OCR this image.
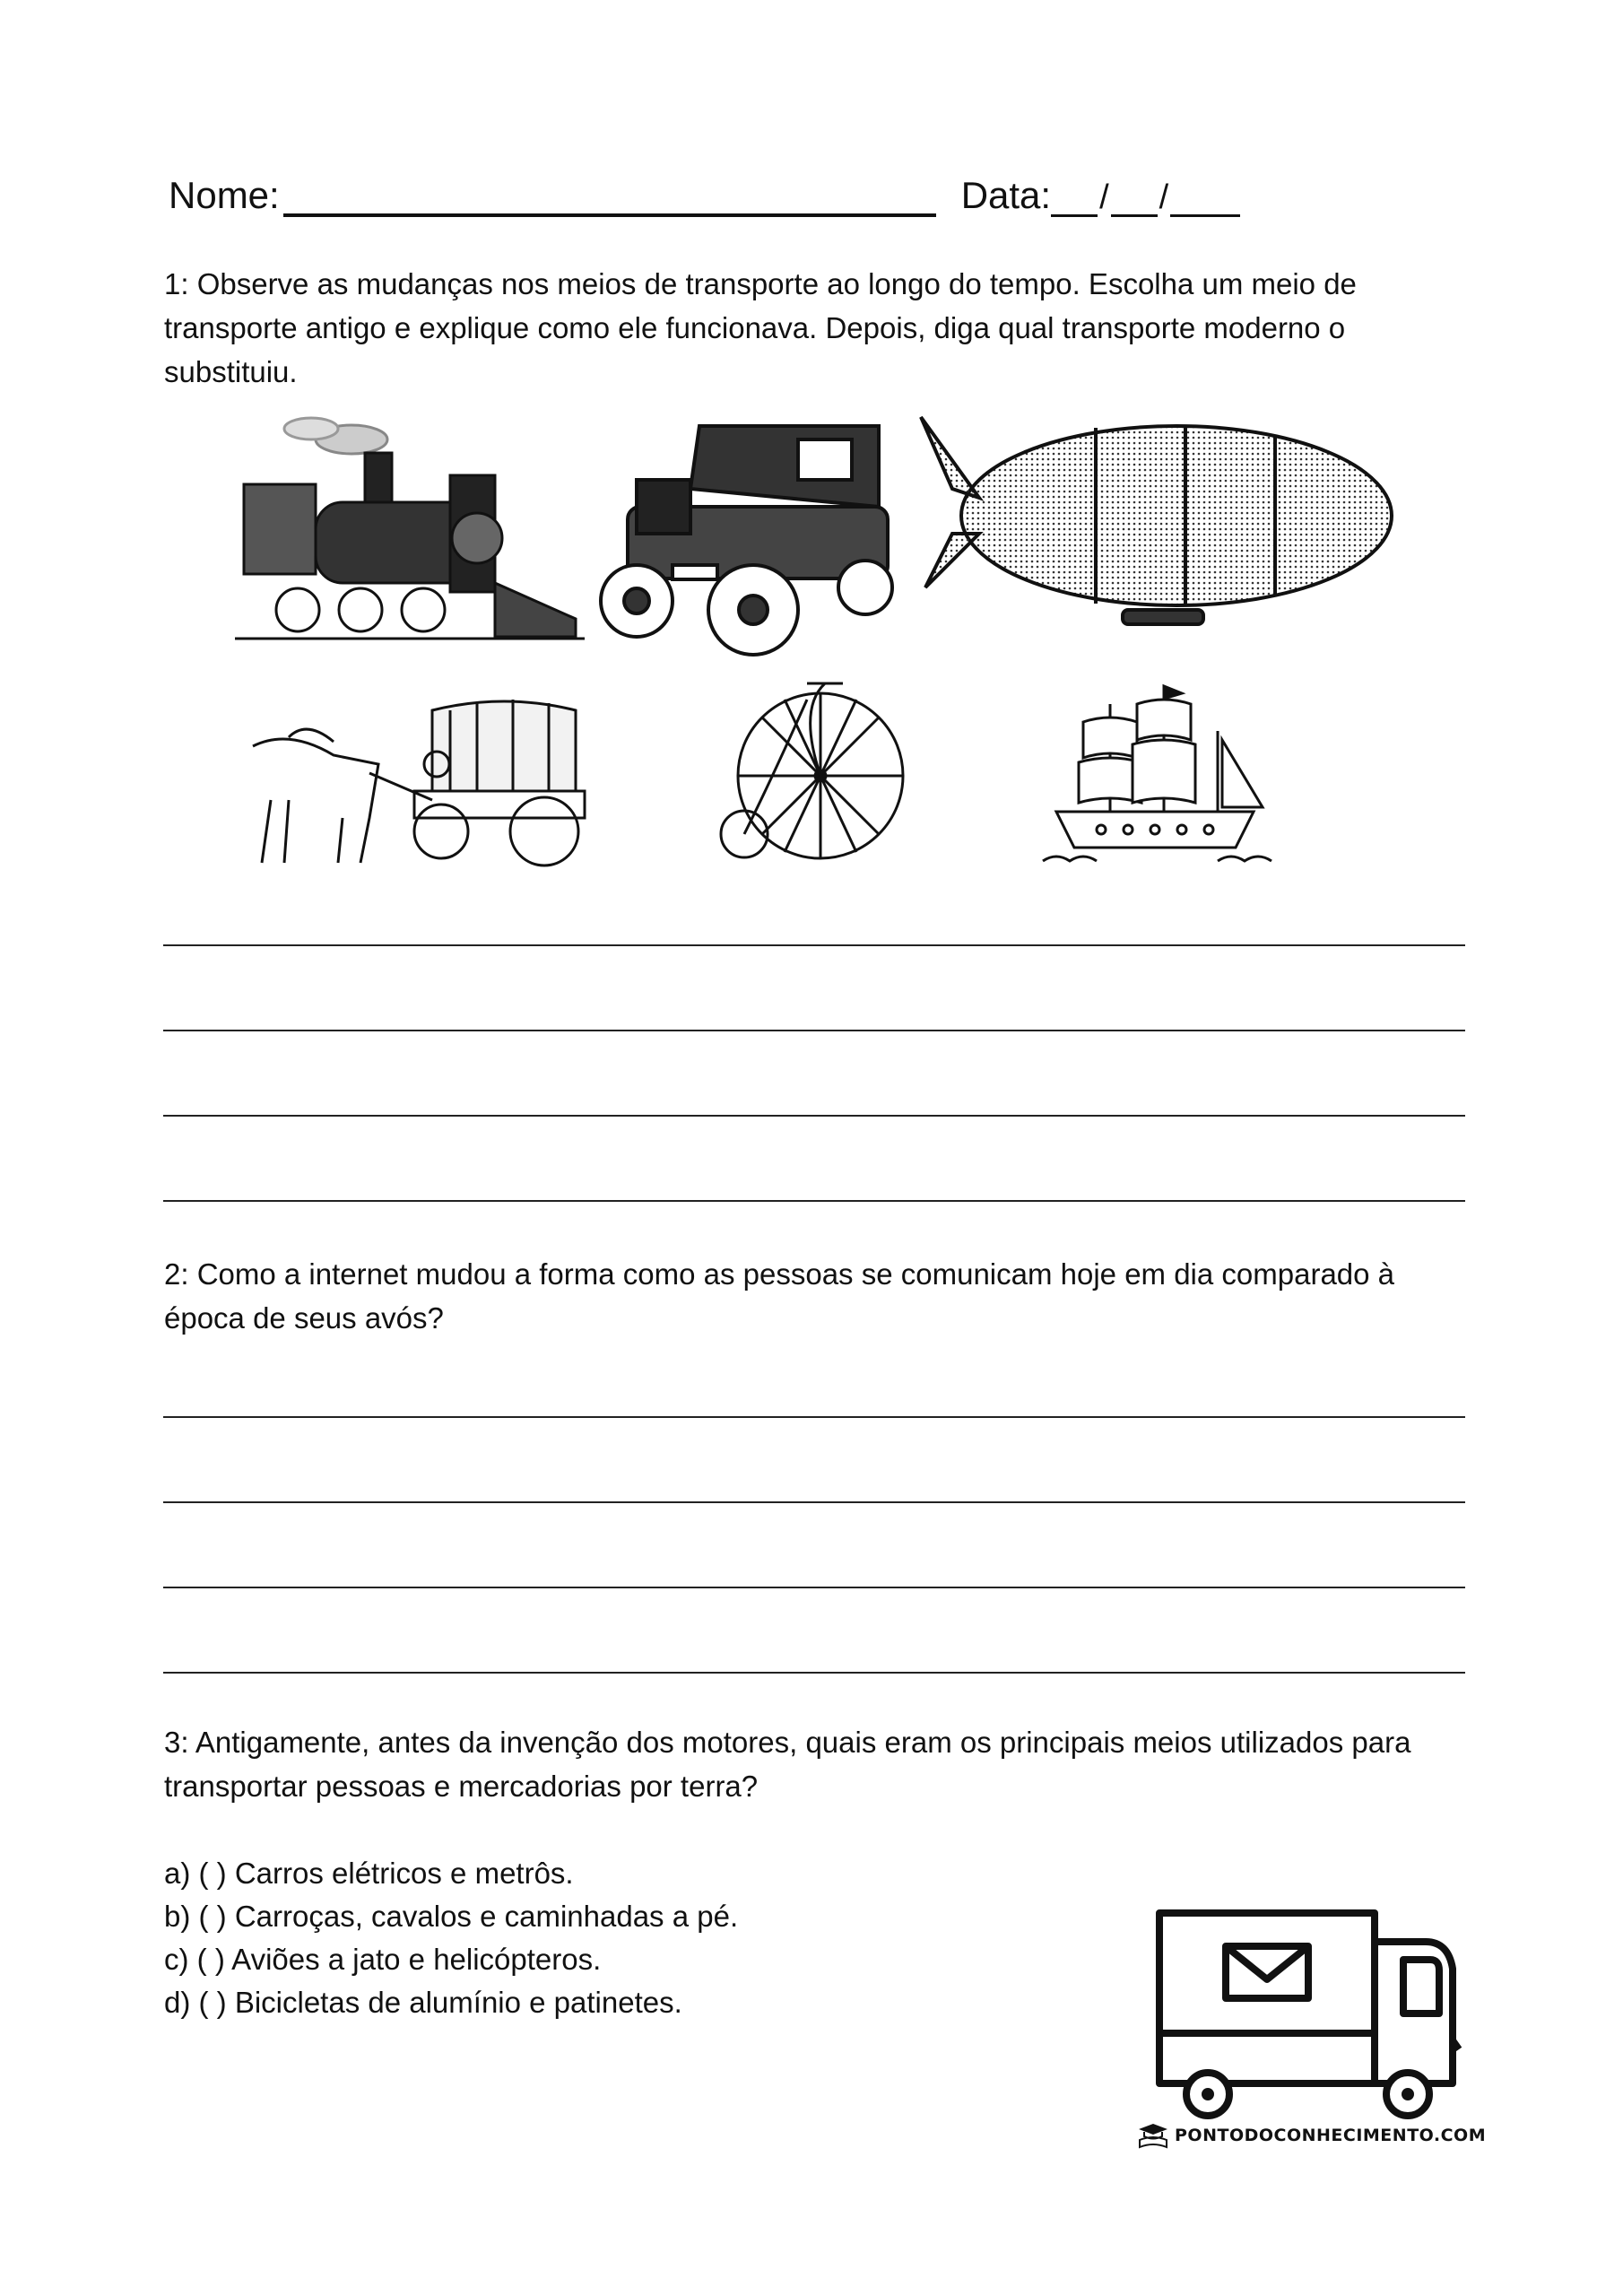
Nome:	Data: / /
1: Observe as mudanças nos meios de transporte ao longo do tempo. Escolha um meio de transporte antigo e explique como ele funcionava. Depois, diga qual transporte moderno o substituiu.
2: Como a internet mudou a forma como as pessoas se comunicam hoje em dia comparado à época de seus avós?
3: Antigamente, antes da invenção dos motores, quais eram os principais meios utilizados para transportar pessoas e mercadorias por terra?
a) ( ) Carros elétricos e metrôs.
b) ( ) Carroças, cavalos e caminhadas a pé.
c) ( ) Aviões a jato e helicópteros.
d) ( ) Bicicletas de alumínio e patinetes.
PONTODOCONHECIMENTO.COM
